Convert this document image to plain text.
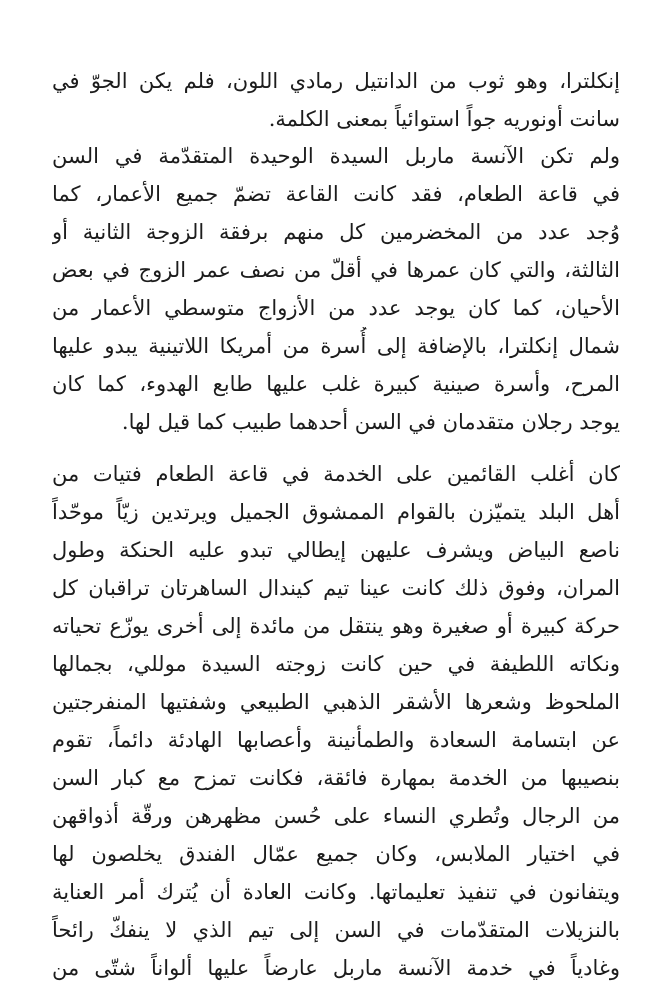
إنكلترا، وهو ثوب من الدانتيل رمادي اللون، فلم يكن الجوّ في
سانت أونوريه جواً استوائياً بمعنى الكلمة.
ولم تكن الآنسة ماربل السيدة الوحيدة المتقدّمة في السن
في قاعة الطعام، فقد كانت القاعة تضمّ جميع الأعمار، كما
وُجد عدد من المخضرمين كل منهم برفقة الزوجة الثانية أو
الثالثة، والتي كان عمرها في أقلّ من نصف عمر الزوج في بعض
الأحيان، كما كان يوجد عدد من الأزواج متوسطي الأعمار من
شمال إنكلترا، بالإضافة إلى أُسرة من أمريكا اللاتينية يبدو عليها
المرح، وأسرة صينية كبيرة غلب عليها طابع الهدوء، كما كان
يوجد رجلان متقدمان في السن أحدهما طبيب كما قيل لها.
كان أغلب القائمين على الخدمة في قاعة الطعام فتيات من
أهل البلد يتميّزن بالقوام الممشوق الجميل ويرتدين زيّاً موحّداً
ناصع البياض ويشرف عليهن إيطالي تبدو عليه الحنكة وطول
المران، وفوق ذلك كانت عينا تيم كيندال الساهرتان تراقبان كل
حركة كبيرة أو صغيرة وهو ينتقل من مائدة إلى أخرى يوزّع تحياته
ونكاته اللطيفة في حين كانت زوجته السيدة موللي، بجمالها
الملحوظ وشعرها الأشقر الذهبي الطبيعي وشفتيها المنفرجتين
عن ابتسامة السعادة والطمأنينة وأعصابها الهادئة دائماً، تقوم
بنصيبها من الخدمة بمهارة فائقة، فكانت تمزح مع كبار السن
من الرجال وتُطري النساء على حُسن مظهرهن ورقّة أذواقهن
في اختيار الملابس، وكان جميع عمّال الفندق يخلصون لها
ويتفانون في تنفيذ تعليماتها. وكانت العادة أن يُترك أمر العناية
بالنزيلات المتقدّمات في السن إلى تيم الذي لا ينفكّ رائحاً
وغادياً في خدمة الآنسة ماربل عارضاً عليها ألواناً شتّى من
